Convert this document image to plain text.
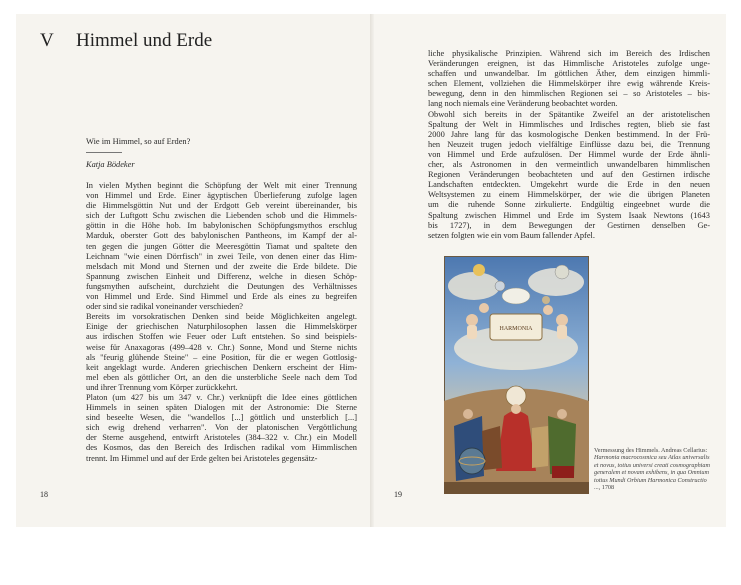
V Himmel und Erde
Wie im Himmel, so auf Erden?
Katja Bödeker
In vielen Mythen beginnt die Schöpfung der Welt mit einer Trennung
von Himmel und Erde. Einer ägyptischen Überlieferung zufolge lagen
die Himmelsgöttin Nut und der Erdgott Geb vereint übereinander, bis
sich der Luftgott Schu zwischen die Liebenden schob und die Himmels-
göttin in die Höhe hob. Im babylonischen Schöpfungsmythos erschlug
Marduk, oberster Gott des babylonischen Pantheons, im Kampf der al-
ten gegen die jungen Götter die Meeresgöttin Tiamat und spaltete den
Leichnam "wie einen Dörrfisch" in zwei Teile, von denen einer das Him-
melsdach mit Mond und Sternen und der zweite die Erde bildete. Die
Spannung zwischen Einheit und Differenz, welche in diesen Schöp-
fungsmythen aufscheint, durchzieht die Deutungen des Verhältnisses
von Himmel und Erde. Sind Himmel und Erde als eines zu begreifen
oder sind sie radikal voneinander verschieden?
Bereits im vorsokratischen Denken sind beide Möglichkeiten angelegt.
Einige der griechischen Naturphilosophen lassen die Himmelskörper
aus irdischen Stoffen wie Feuer oder Luft entstehen. So sind beispiels-
weise für Anaxagoras (499–428 v. Chr.) Sonne, Mond und Sterne nichts
als "feurig glühende Steine" – eine Position, für die er wegen Gottlosig-
keit angeklagt wurde. Anderen griechischen Denkern erscheint der Him-
mel eben als göttlicher Ort, an den die unsterbliche Seele nach dem Tod
und ihrer Trennung vom Körper zurückkehrt.
Platon (um 427 bis um 347 v. Chr.) verknüpft die Idee eines göttlichen
Himmels in seinen späten Dialogen mit der Astronomie: Die Sterne
sind beseelte Wesen, die "wandellos [...] göttlich und unsterblich [...]
sich ewig drehend verharren". Von der platonischen Vergöttlichung
der Sterne ausgehend, entwirft Aristoteles (384–322 v. Chr.) ein Modell
des Kosmos, das den Bereich des Irdischen radikal vom Himmlischen
trennt. Im Himmel und auf der Erde gelten bei Aristoteles gegensätz-
liche physikalische Prinzipien. Während sich im Bereich des Irdischen
Veränderungen ereignen, ist das Himmlische Aristoteles zufolge unge-
schaffen und unwandelbar. Im göttlichen Äther, dem einzigen himmli-
schen Element, vollziehen die Himmelskörper ihre ewig währende Kreis-
bewegung, denn in den himmlischen Regionen sei – so Aristoteles – bis-
lang noch niemals eine Veränderung beobachtet worden.
Obwohl sich bereits in der Spätantike Zweifel an der aristotelischen
Spaltung der Welt in Himmlisches und Irdisches regten, blieb sie fast
2000 Jahre lang für das kosmologische Denken bestimmend. In der Frü-
hen Neuzeit trugen jedoch vielfältige Einflüsse dazu bei, die Trennung
von Himmel und Erde aufzulösen. Der Himmel wurde der Erde ähnli-
cher, als Astronomen in den vermeintlich unwandelbaren himmlischen
Regionen Veränderungen beobachteten und auf den Gestirnen irdische
Landschaften entdeckten. Umgekehrt wurde die Erde in den neuen
Weltsystemen zu einem Himmelskörper, der wie die übrigen Planeten
um die ruhende Sonne zirkulierte. Endgültig eingeebnet wurde die
Spaltung zwischen Himmel und Erde im System Isaak Newtons (1643
bis 1727), in dem Bewegungen der Gestirnen denselben Ge-
setzen folgten wie ein vom Baum fallender Apfel.
18	19
HARMONIA
Vermessung des Himmels. Andreas Cellarius: Harmonia macrocosmica seu Atlas universalis et novus, totius universi creati cosmographiam generalem et novam exhibens, in qua Omnium totius Mundi Orbium Harmonica Constructio ..., 1708
